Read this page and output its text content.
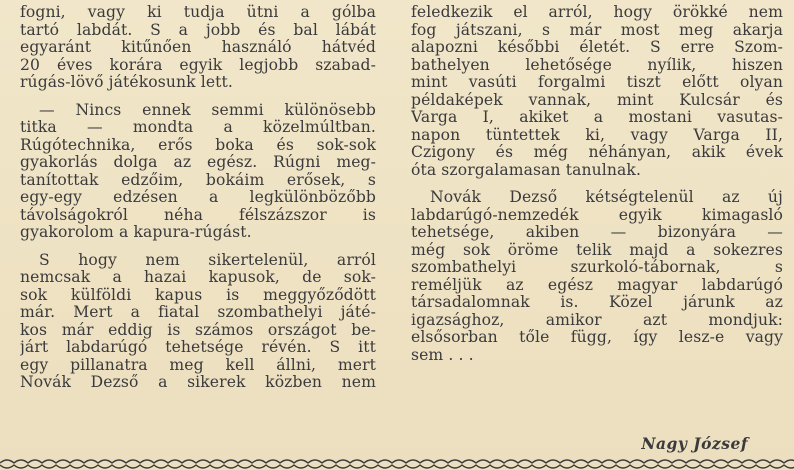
fogni, vagy ki tudja ütni a gólba
tartó labdát. S a jobb és bal lábát
egyaránt kitűnően használó hátvéd
20 éves korára egyik legjobb szabad-
rúgás-lövő játékosunk lett.
— Nincs ennek semmi különösebb
titka — mondta a közelmúltban.
Rúgótechnika, erős boka és sok-sok
gyakorlás dolga az egész. Rúgni meg-
tanítottak edzőim, bokáim erősek, s
egy-egy edzésen a legkülönbözőbb
távolságokról néha félszázszor is
gyakorolom a kapura-rúgást.
S hogy nem sikertelenül, arról
nemcsak a hazai kapusok, de sok-
sok külföldi kapus is meggyőződött
már. Mert a fiatal szombathelyi játé-
kos már eddig is számos országot be-
járt labdarúgó tehetsége révén. S itt
egy pillanatra meg kell állni, mert
Novák Dezső a sikerek közben nem
feledkezik el arról, hogy örökké nem
fog játszani, s már most meg akarja
alapozni későbbi életét. S erre Szom-
bathelyen lehetősége nyílik, hiszen
mint vasúti forgalmi tiszt előtt olyan
példaképek vannak, mint Kulcsár és
Varga I, akiket a mostani vasutas-
napon tüntettek ki, vagy Varga II,
Czigony és még néhányan, akik évek
óta szorgalamasan tanulnak.
Novák Dezső kétségtelenül az új
labdarúgó-nemzedék egyik kimagasló
tehetsége, akiben — bizonyára —
még sok öröme telik majd a sokezres
szombathelyi szurkoló-tábornak, s
reméljük az egész magyar labdarúgó
társadalomnak is. Közel járunk az
igazsághoz, amikor azt mondjuk:
elsősorban tőle függ, így lesz-e vagy
sem . . .
Nagy József
